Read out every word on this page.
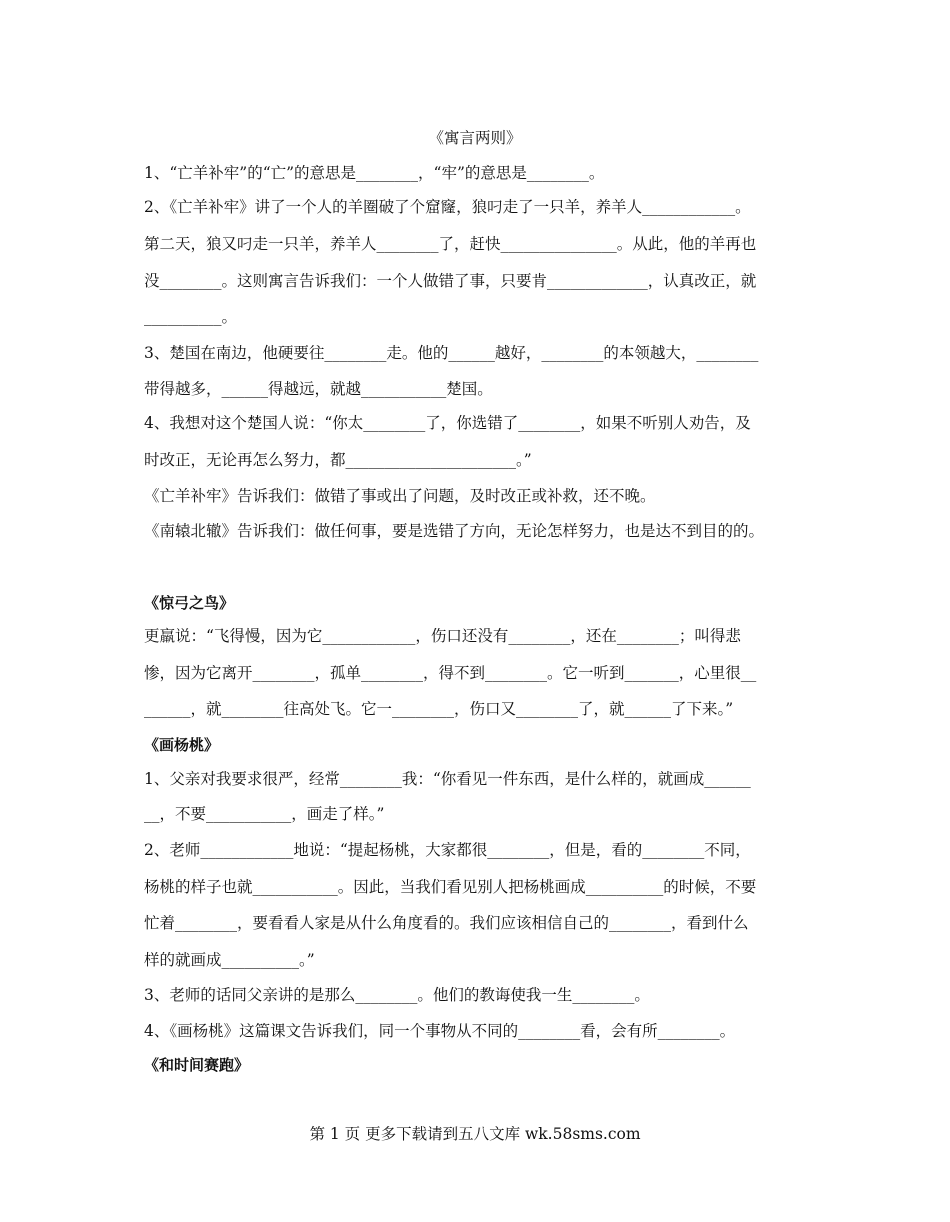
《寓言两则》
1、“亡羊补牢”的“亡”的意思是________，“牢”的意思是________。
2、《亡羊补牢》讲了一个人的羊圈破了个窟窿，狼叼走了一只羊，养羊人____________。
第二天，狼又叼走一只羊，养羊人________了，赶快_______________。从此，他的羊再也
没________。这则寓言告诉我们：一个人做错了事，只要肯_____________，认真改正，就
__________。
3、楚国在南边，他硬要往________走。他的______越好，________的本领越大，________
带得越多，______得越远，就越___________楚国。
4、我想对这个楚国人说：“你太________了，你选错了________，如果不听别人劝告，及
时改正，无论再怎么努力，都______________________。”
《亡羊补牢》告诉我们：做错了事或出了问题，及时改正或补救，还不晚。
《南辕北辙》告诉我们：做任何事，要是选错了方向，无论怎样努力，也是达不到目的的。
《惊弓之鸟》
更羸说：“飞得慢，因为它____________，伤口还没有________，还在________；叫得悲
惨，因为它离开________，孤单________，得不到________。它一听到_______，心里很__
______，就________往高处飞。它一________，伤口又________了，就______了下来。”
《画杨桃》
1、父亲对我要求很严，经常________我：“你看见一件东西，是什么样的，就画成______
__，不要___________，画走了样。”
2、老师____________地说：“提起杨桃，大家都很________，但是，看的________不同，
杨桃的样子也就___________。因此，当我们看见别人把杨桃画成__________的时候，不要
忙着________，要看看人家是从什么角度看的。我们应该相信自己的________，看到什么
样的就画成__________。”
3、老师的话同父亲讲的是那么________。他们的教诲使我一生________。
4、《画杨桃》这篇课文告诉我们，同一个事物从不同的________看，会有所________。
《和时间赛跑》
第 1 页 更多下载请到五八文库 wk.58sms.com
